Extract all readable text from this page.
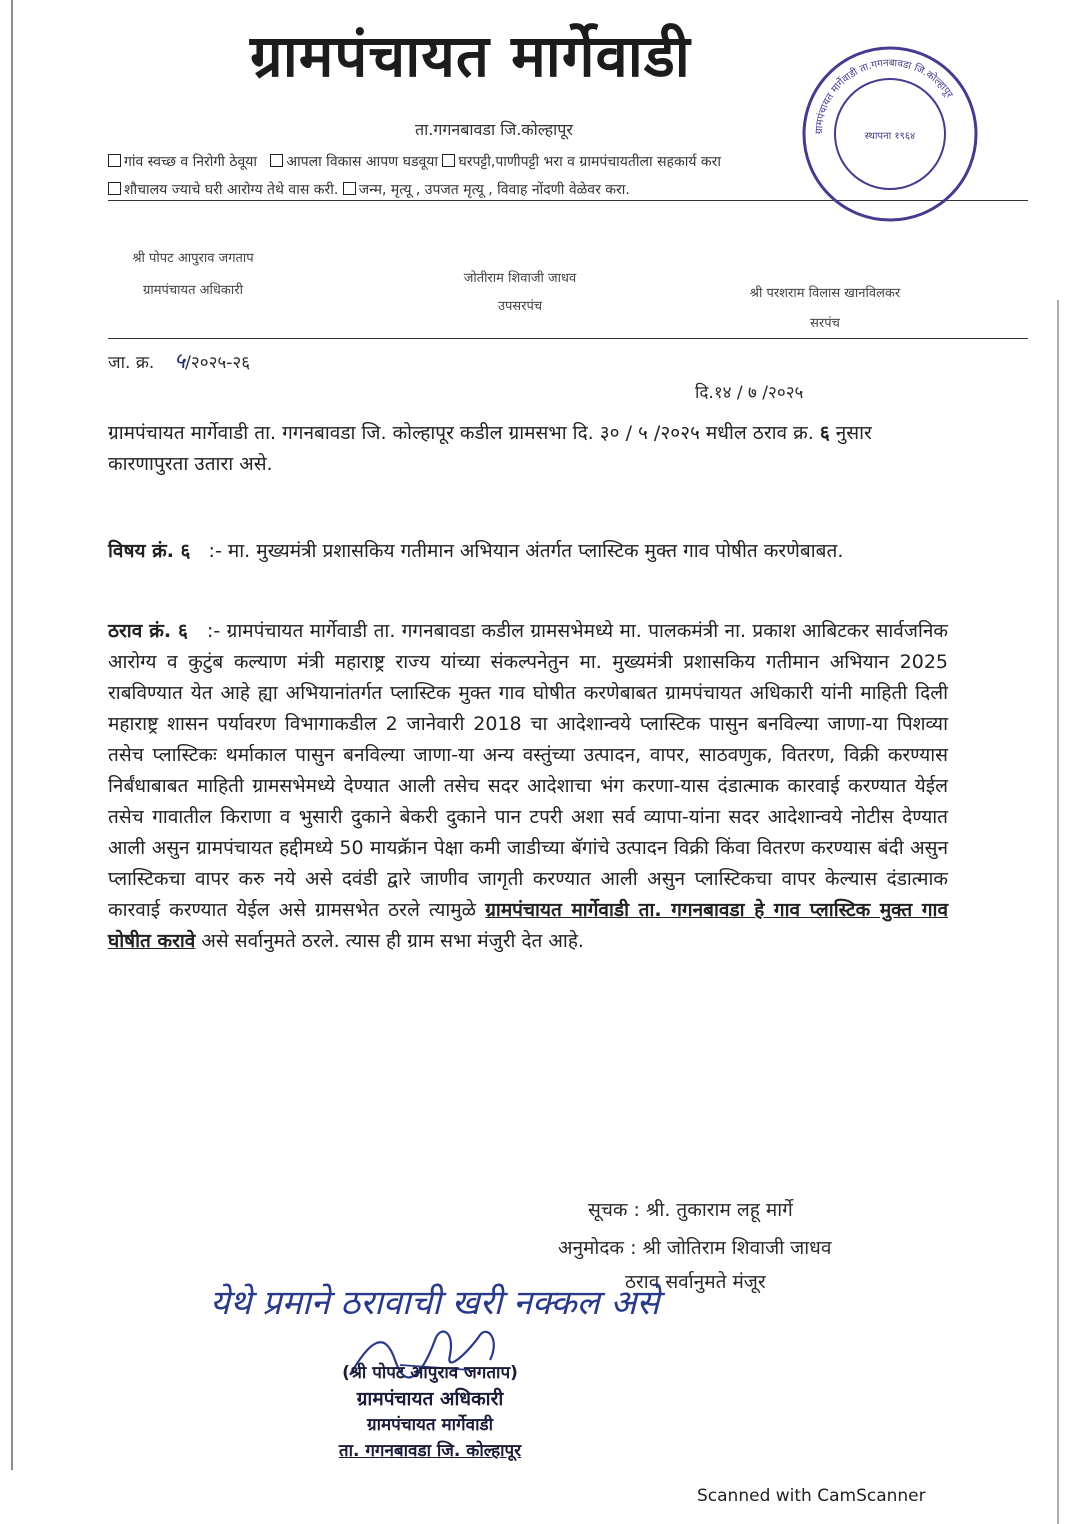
ग्रामपंचायत मार्गेवाडी
ता.गगनबावडा जि.कोल्हापूर
गांव स्वच्छ व निरोगी ठेवूया आपला विकास आपण घडवूया घरपट्टी,पाणीपट्टी भरा व ग्रामपंचायतीला सहकार्य करा
शौचालय ज्याचे घरी आरोग्य तेथे वास करी. जन्म, मृत्यू , उपजत मृत्यू , विवाह नोंदणी वेळेवर करा.
ग्रामपंचायत मार्गेवाडी ता.गगनबावडा जि.कोल्हापूर
स्थापना १९६४
श्री पोपट आपुराव जगताप
ग्रामपंचायत अधिकारी
जोतीराम शिवाजी जाधव
उपसरपंच
श्री परशराम विलास खानविलकर
सरपंच
जा. क्र. ५/२०२५-२६
दि.१४ / ७ /२०२५
ग्रामपंचायत मार्गेवाडी ता. गगनबावडा जि. कोल्हापूर कडील ग्रामसभा दि. ३० / ५ /२०२५ मधील ठराव क्र. ६ नुसार कारणापुरता उतारा असे.
विषय क्रं. ६ :- मा. मुख्यमंत्री प्रशासकिय गतीमान अभियान अंतर्गत प्लास्टिक मुक्त गाव पोषीत करणेबाबत.
ठराव क्रं. ६ :- ग्रामपंचायत मार्गेवाडी ता. गगनबावडा कडील ग्रामसभेमध्ये मा. पालकमंत्री ना. प्रकाश आबिटकर सार्वजनिक आरोग्य व कुटुंब कल्याण मंत्री महाराष्ट्र राज्य यांच्या संकल्पनेतुन मा. मुख्यमंत्री प्रशासकिय गतीमान अभियान 2025 राबविण्यात येत आहे ह्या अभियानांतर्गत प्लास्टिक मुक्त गाव घोषीत करणेबाबत ग्रामपंचायत अधिकारी यांनी माहिती दिली महाराष्ट्र शासन पर्यावरण विभागाकडील 2 जानेवारी 2018 चा आदेशान्वये प्लास्टिक पासुन बनविल्या जाणा-या पिशव्या तसेच प्लास्टिकः थर्माकाल पासुन बनविल्या जाणा-या अन्य वस्तुंच्या उत्पादन, वापर, साठवणुक, वितरण, विक्री करण्यास निर्बंधाबाबत माहिती ग्रामसभेमध्ये देण्यात आली तसेच सदर आदेशाचा भंग करणा-यास दंडात्माक कारवाई करण्यात येईल तसेच गावातील किराणा व भुसारी दुकाने बेकरी दुकाने पान टपरी अशा सर्व व्यापा-यांना सदर आदेशान्वये नोटीस देण्यात आली असुन ग्रामपंचायत हद्दीमध्ये 50 मायक्रॅान पेक्षा कमी जाडीच्या बॅगांचे उत्पादन विक्री किंवा वितरण करण्यास बंदी असुन प्लास्टिकचा वापर करु नये असे दवंडी द्वारे जाणीव जागृती करण्यात आली असुन प्लास्टिकचा वापर केल्यास दंडात्माक कारवाई करण्यात येईल असे ग्रामसभेत ठरले त्यामुळे ग्रामपंचायत मार्गेवाडी ता. गगनबावडा हे गाव प्लास्टिक मुक्त गाव घोषीत करावे असे सर्वानुमते ठरले. त्यास ही ग्राम सभा मंजुरी देत आहे.
सूचक : श्री. तुकाराम लहू मार्गे
अनुमोदक : श्री जोतिराम शिवाजी जाधव
ठराव सर्वानुमते मंजूर
येथे प्रमाने ठरावाची खरी नक्कल असे
(श्री पोपट आपुराव जगताप)
ग्रामपंचायत अधिकारी
ग्रामपंचायत मार्गेवाडी
ता. गगनबावडा जि. कोल्हापूर
Scanned with CamScanner
